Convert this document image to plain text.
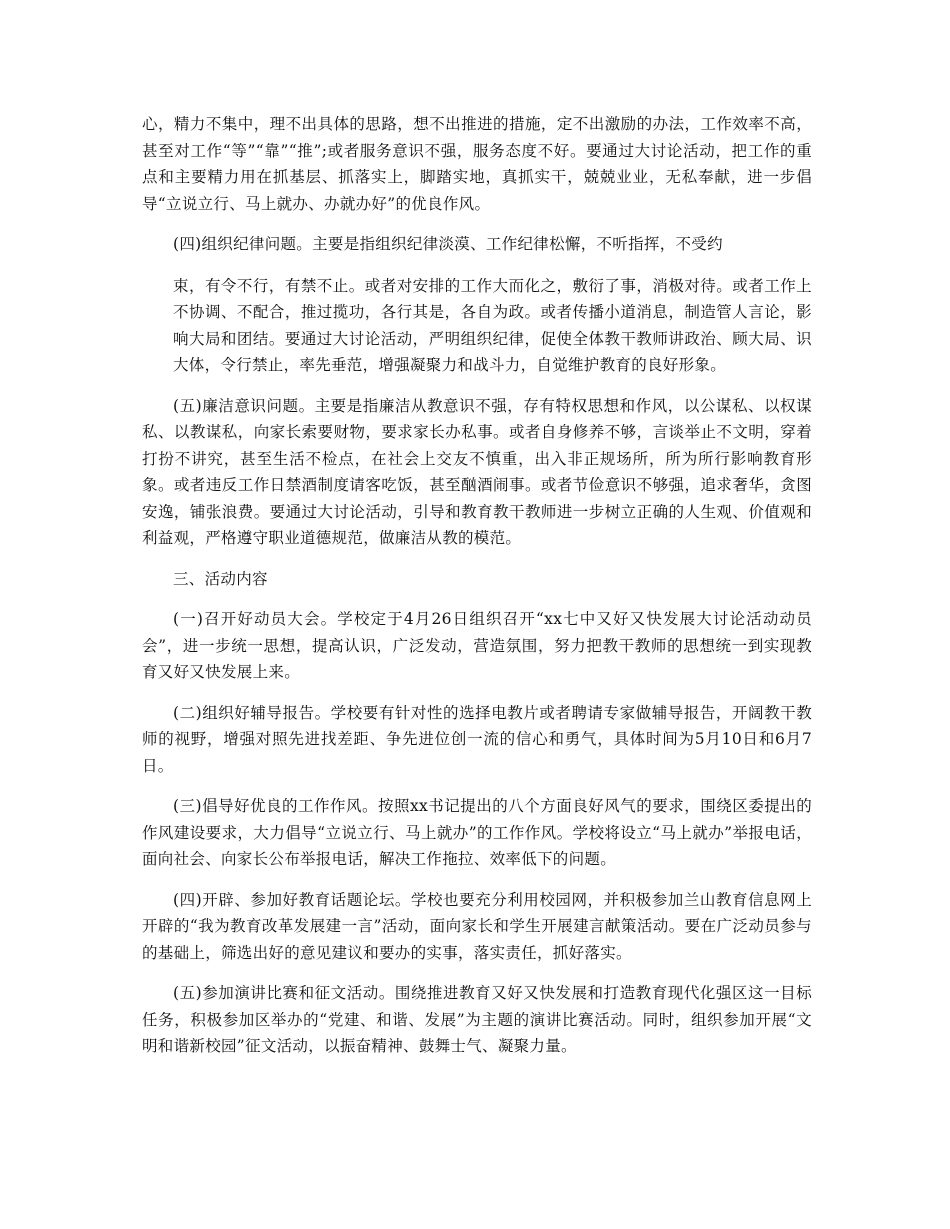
心，精力不集中，理不出具体的思路，想不出推进的措施，定不出激励的办法，工作效率不高，甚至对工作“等”“靠”“推”;或者服务意识不强，服务态度不好。要通过大讨论活动，把工作的重点和主要精力用在抓基层、抓落实上，脚踏实地，真抓实干，兢兢业业，无私奉献，进一步倡导“立说立行、马上就办、办就办好”的优良作风。

(四)组织纪律问题。主要是指组织纪律淡漠、工作纪律松懈，不听指挥，不受约

束，有令不行，有禁不止。或者对安排的工作大而化之，敷衍了事，消极对待。或者工作上不协调、不配合，推过揽功，各行其是，各自为政。或者传播小道消息，制造管人言论，影响大局和团结。要通过大讨论活动，严明组织纪律，促使全体教干教师讲政治、顾大局、识大体，令行禁止，率先垂范，增强凝聚力和战斗力，自觉维护教育的良好形象。

(五)廉洁意识问题。主要是指廉洁从教意识不强，存有特权思想和作风，以公谋私、以权谋私、以教谋私，向家长索要财物，要求家长办私事。或者自身修养不够，言谈举止不文明，穿着打扮不讲究，甚至生活不检点，在社会上交友不慎重，出入非正规场所，所为所行影响教育形象。或者违反工作日禁酒制度请客吃饭，甚至酗酒闹事。或者节俭意识不够强，追求奢华，贪图安逸，铺张浪费。要通过大讨论活动，引导和教育教干教师进一步树立正确的人生观、价值观和利益观，严格遵守职业道德规范，做廉洁从教的模范。

三、活动内容

(一)召开好动员大会。学校定于4月26日组织召开“xx七中又好又快发展大讨论活动动员会”，进一步统一思想，提高认识，广泛发动，营造氛围，努力把教干教师的思想统一到实现教育又好又快发展上来。

(二)组织好辅导报告。学校要有针对性的选择电教片或者聘请专家做辅导报告，开阔教干教师的视野，增强对照先进找差距、争先进位创一流的信心和勇气，具体时间为5月10日和6月7日。

(三)倡导好优良的工作作风。按照xx书记提出的八个方面良好风气的要求，围绕区委提出的作风建设要求，大力倡导“立说立行、马上就办”的工作作风。学校将设立“马上就办”举报电话，面向社会、向家长公布举报电话，解决工作拖拉、效率低下的问题。

(四)开辟、参加好教育话题论坛。学校也要充分利用校园网，并积极参加兰山教育信息网上开辟的“我为教育改革发展建一言”活动，面向家长和学生开展建言献策活动。要在广泛动员参与的基础上，筛选出好的意见建议和要办的实事，落实责任，抓好落实。

(五)参加演讲比赛和征文活动。围绕推进教育又好又快发展和打造教育现代化强区这一目标任务，积极参加区举办的“党建、和谐、发展”为主题的演讲比赛活动。同时，组织参加开展“文明和谐新校园”征文活动，以振奋精神、鼓舞士气、凝聚力量。
